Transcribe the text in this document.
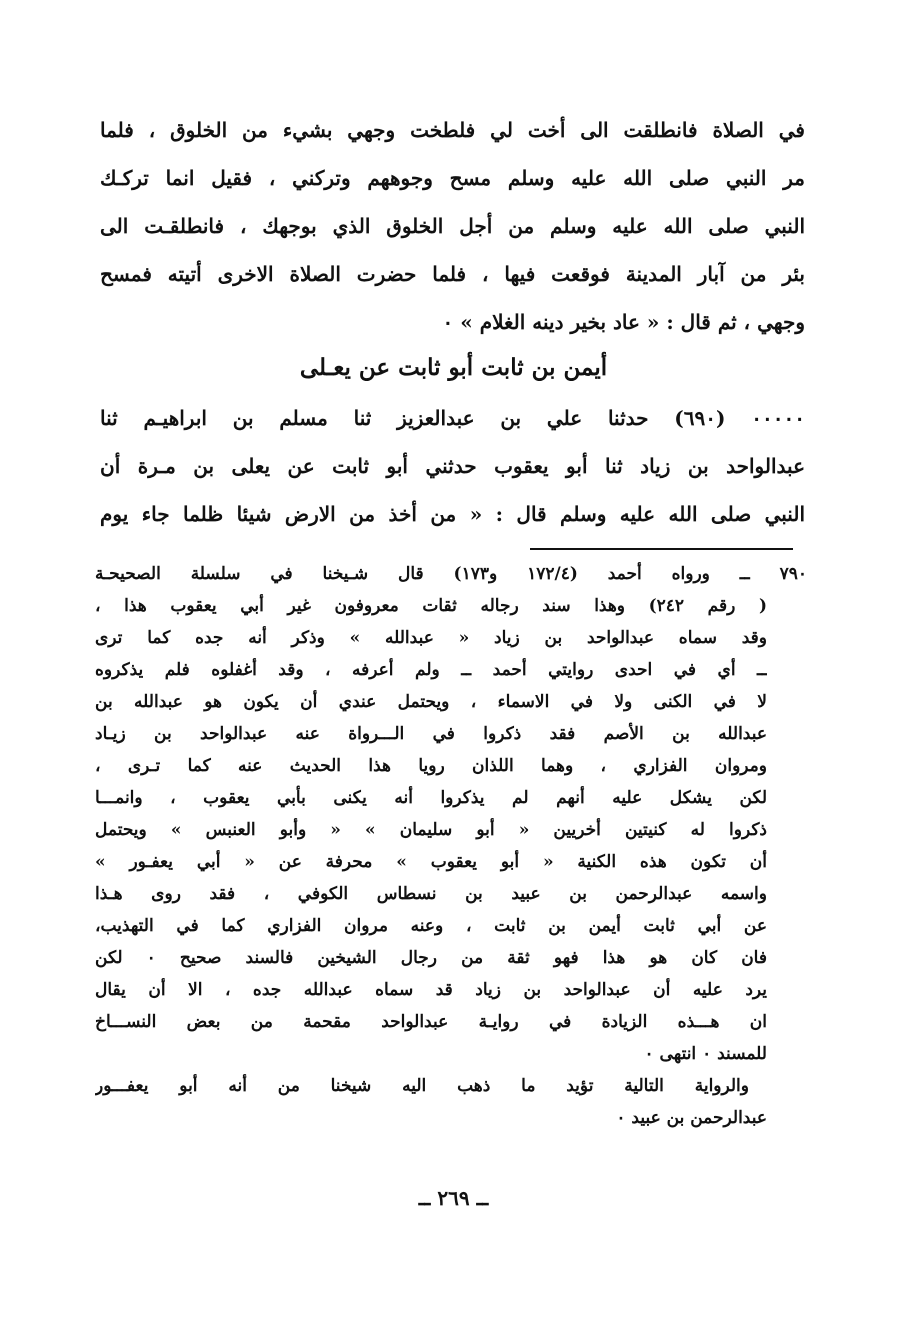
في الصلاة فانطلقت الى أخت لي فلطخت وجهي بشيء من الخلوق ، فلما

مر النبي صلى الله عليه وسلم مسح وجوههم وتركني ، فقيل انما تركـك

النبي صلى الله عليه وسلم من أجل الخلوق الذي بوجهك ، فانطلقـت الى

بئر من آبار المدينة فوقعت فيها ، فلما حضرت الصلاة الاخرى أتيته فمسح

وجهي ، ثم قال : « عاد بخير دينه الغلام » ٠

أيمن بن ثابت أبو ثابت عن يعـلى

٠٠٠٠٠ (٦٩٠) حدثنا علي بن عبدالعزيز ثنا مسلم بن ابراهيـم ثنا

عبدالواحد بن زياد ثنا أبو يعقوب حدثني أبو ثابت عن يعلى بن مـرة أن

النبي صلى الله عليه وسلم قال : « من أخذ من الارض شيئا ظلما جاء يوم

٧٩٠ ــ ورواه أحمد (١٧٢/٤ و١٧٣) قال شـيخنا في سلسلة الصحيحـة

( رقم ٢٤٢) وهذا سند رجاله ثقات معروفون غير أبي يعقوب هذا ،

وقد سماه عبدالواحد بن زياد « عبدالله » وذكر أنه جده كما ترى

ــ أي في احدى روايتي أحمد ــ ولم أعرفه ، وقد أغفلوه فلم يذكروه

لا في الكنى ولا في الاسماء ، ويحتمل عندي أن يكون هو عبدالله بن

عبدالله بن الأصم فقد ذكروا في الـــرواة عنه عبدالواحد بن زيـاد

ومروان الفزاري ، وهما اللذان رويا هذا الحديث عنه كما تـرى ،

لكن يشكل عليه أنهم لم يذكروا أنه يكنى بأبي يعقوب ، وانمـــا

ذكروا له كنيتين أخريين « أبو سليمان » « وأبو العنبس » ويحتمل

أن تكون هذه الكنية « أبو يعقوب » محرفة عن « أبي يعفـور »

واسمه عبدالرحمن بن عبيد بن نسطاس الكوفي ، فقد روى هـذا

عن أبي ثابت أيمن بن ثابت ، وعنه مروان الفزاري كما في التهذيب،

فان كان هو هذا فهو ثقة من رجال الشيخين فالسند صحيح ٠ لكن

يرد عليه أن عبدالواحد بن زياد قد سماه عبدالله جده ، الا أن يقال

ان هـــذه الزيادة في روايـة عبدالواحد مقحمة من بعض النســـاخ

للمسند ٠ انتهى ٠

والرواية التالية تؤيد ما ذهب اليه شيخنا من أنه أبو يعفـــور

عبدالرحمن بن عبيد ٠

ــ ٢٦٩ ــ
